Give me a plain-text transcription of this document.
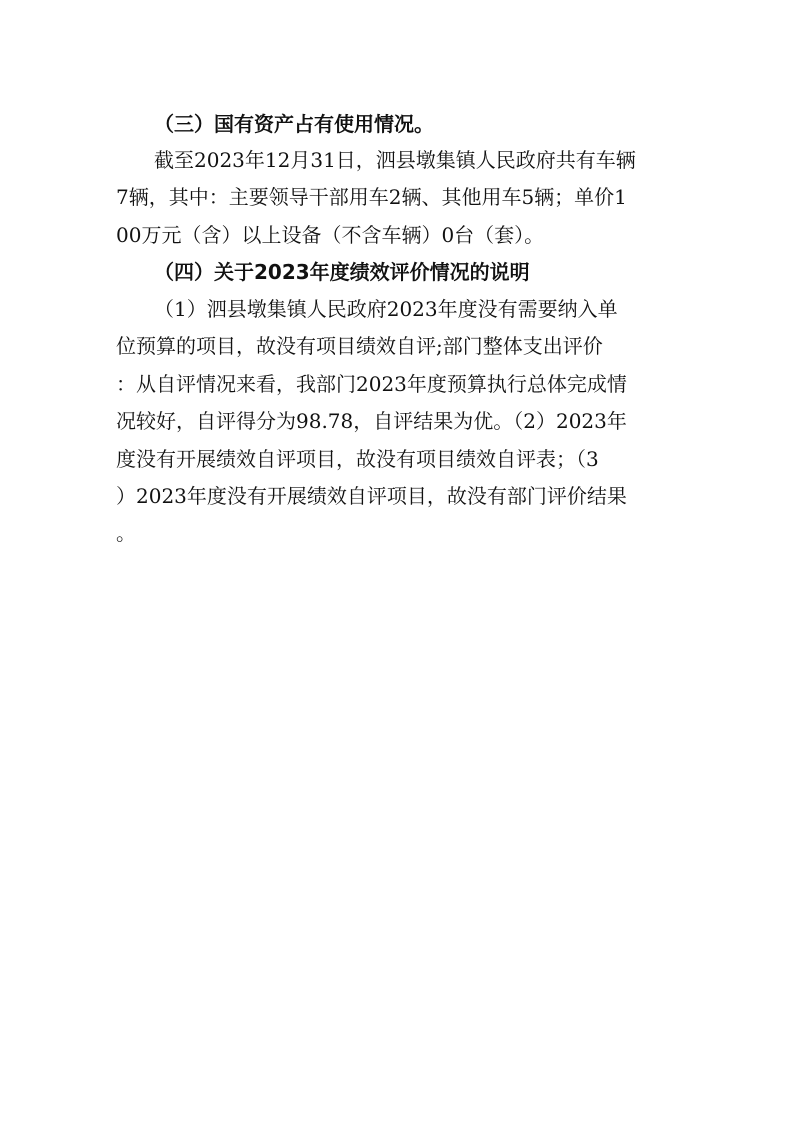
（三）国有资产占有使用情况。
截至2023年12月31日，泗县墩集镇人民政府共有车辆
7辆，其中：主要领导干部用车2辆、其他用车5辆；单价1
00万元（含）以上设备（不含车辆）0台（套）。
（四）关于2023年度绩效评价情况的说明
（1）泗县墩集镇人民政府2023年度没有需要纳入单
位预算的项目，故没有项目绩效自评;部门整体支出评价
：从自评情况来看，我部门2023年度预算执行总体完成情
况较好，自评得分为98.78，自评结果为优。（2）2023年
度没有开展绩效自评项目，故没有项目绩效自评表；（3
）2023年度没有开展绩效自评项目，故没有部门评价结果
。
